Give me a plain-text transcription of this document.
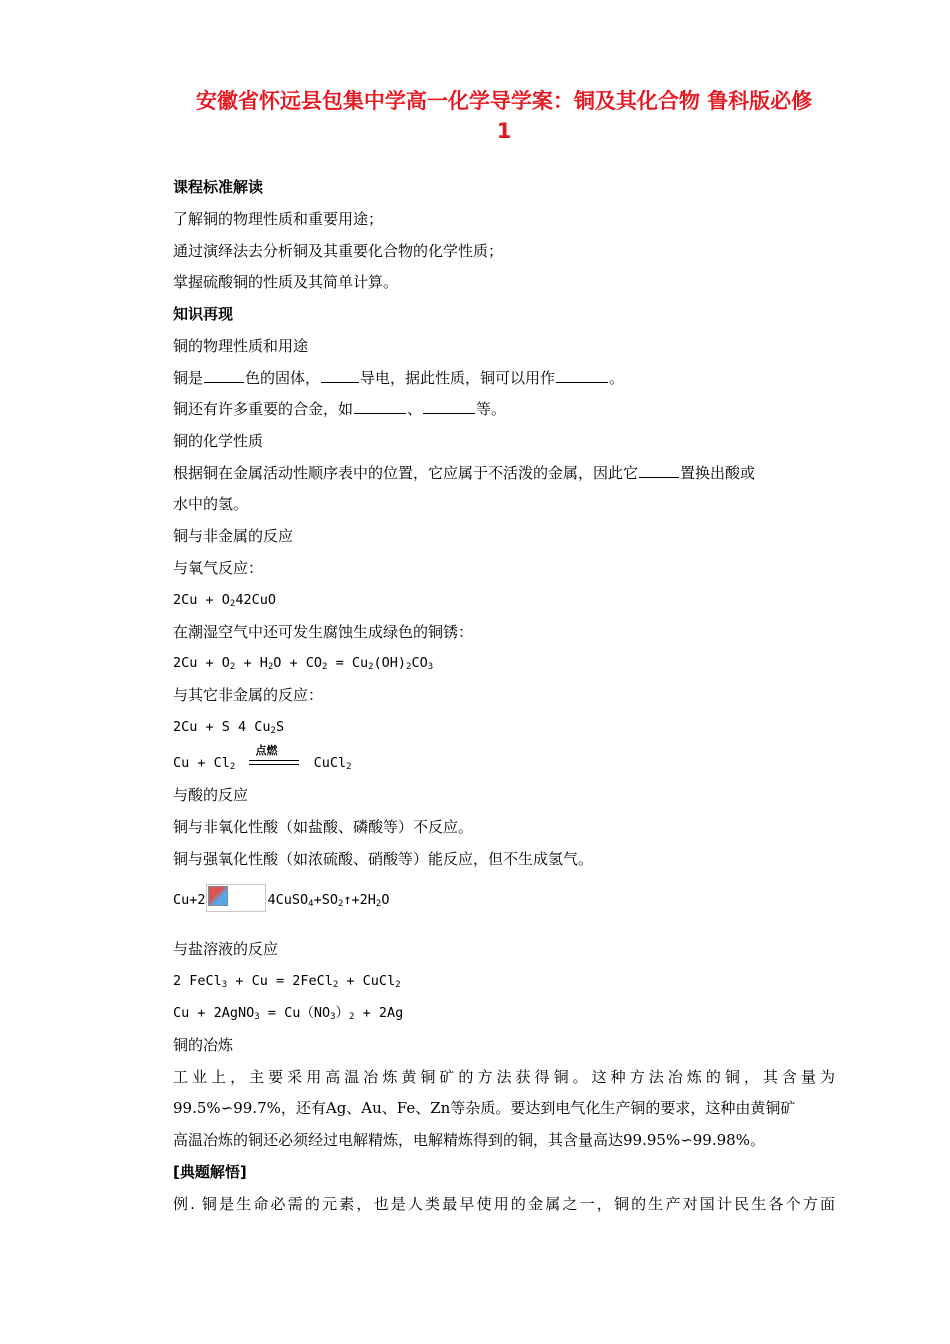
安徽省怀远县包集中学高一化学导学案：铜及其化合物 鲁科版必修
1
课程标准解读
了解铜的物理性质和重要用途；
通过演绎法去分析铜及其重要化合物的化学性质；
掌握硫酸铜的性质及其简单计算。
知识再现
铜的物理性质和用途
铜是	色的固体，	导电，据此性质，铜可以用作	。
铜还有许多重要的合金，如	、	等。
铜的化学性质
根据铜在金属活动性顺序表中的位置，它应属于不活泼的金属，因此它	置换出酸或
水中的氢。
铜与非金属的反应
与氧气反应：
$2Cu + O_242CuO$
在潮湿空气中还可发生腐蚀生成绿色的铜锈：
$2Cu + O_2 + H_2O + CO_2 = Cu_2(OH)_2CO_3$
与其它非金属的反应：
2Cu + S 4 $Cu_2S$
$Cu + Cl_2$
点燃
CuCl$_2$
与酸的反应
铜与非氧化性酸（如盐酸、磷酸等）不反应。
铜与强氧化性酸（如浓硫酸、硝酸等）能反应，但不生成氢气。
Cu+2	$4CuSO_4+SO_2↑+2H_2O$
与盐溶液的反应
2 FeCl$_3$ + Cu = 2FeCl$_2$ + CuCl$_2$
Cu + 2AgNO$_3$ = $Cu(NO_3)_2 + 2Ag$
铜的冶炼
工业上，主要采用高温冶炼黄铜矿的方法获得铜。这种方法冶炼的铜，其含量为
99.5%∽99.7%，还有Ag、Au、Fe、Zn等杂质。要达到电气化生产铜的要求，这种由黄铜矿
高温冶炼的铜还必须经过电解精炼，电解精炼得到的铜，其含量高达99.95%∽99.98%。
[典题解悟]
例. 铜是生命必需的元素，也是人类最早使用的金属之一，铜的生产对国计民生各个方面
